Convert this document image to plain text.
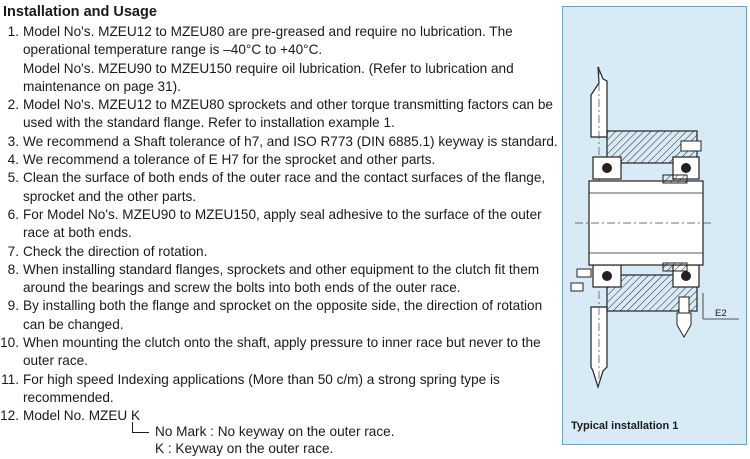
Installation and Usage
1. Model No's. MZEU12 to MZEU80 are pre-greased and require no lubrication. The
operational temperature range is –40°C to +40°C.
Model No's. MZEU90 to MZEU150 require oil lubrication. (Refer to lubrication and
maintenance on page 31).
2. Model No's. MZEU12 to MZEU80 sprockets and other torque transmitting factors can be
used with the standard flange. Refer to installation example 1.
3. We recommend a Shaft tolerance of h7, and ISO R773 (DIN 6885.1) keyway is standard.
4. We recommend a tolerance of E H7 for the sprocket and other parts.
5. Clean the surface of both ends of the outer race and the contact surfaces of the flange,
sprocket and the other parts.
6. For Model No's. MZEU90 to MZEU150, apply seal adhesive to the surface of the outer
race at both ends.
7. Check the direction of rotation.
8. When installing standard flanges, sprockets and other equipment to the clutch fit them
around the bearings and screw the bolts into both ends of the outer race.
9. By installing both the flange and sprocket on the opposite side, the direction of rotation
can be changed.
10. When mounting the clutch onto the shaft, apply pressure to inner race but never to the
outer race.
11. For high speed Indexing applications (More than 50 c/m) a strong spring type is
recommended.
12. Model No. MZEU K
No Mark : No keyway on the outer race.
K : Keyway on the outer race.
E2
Typical installation 1
